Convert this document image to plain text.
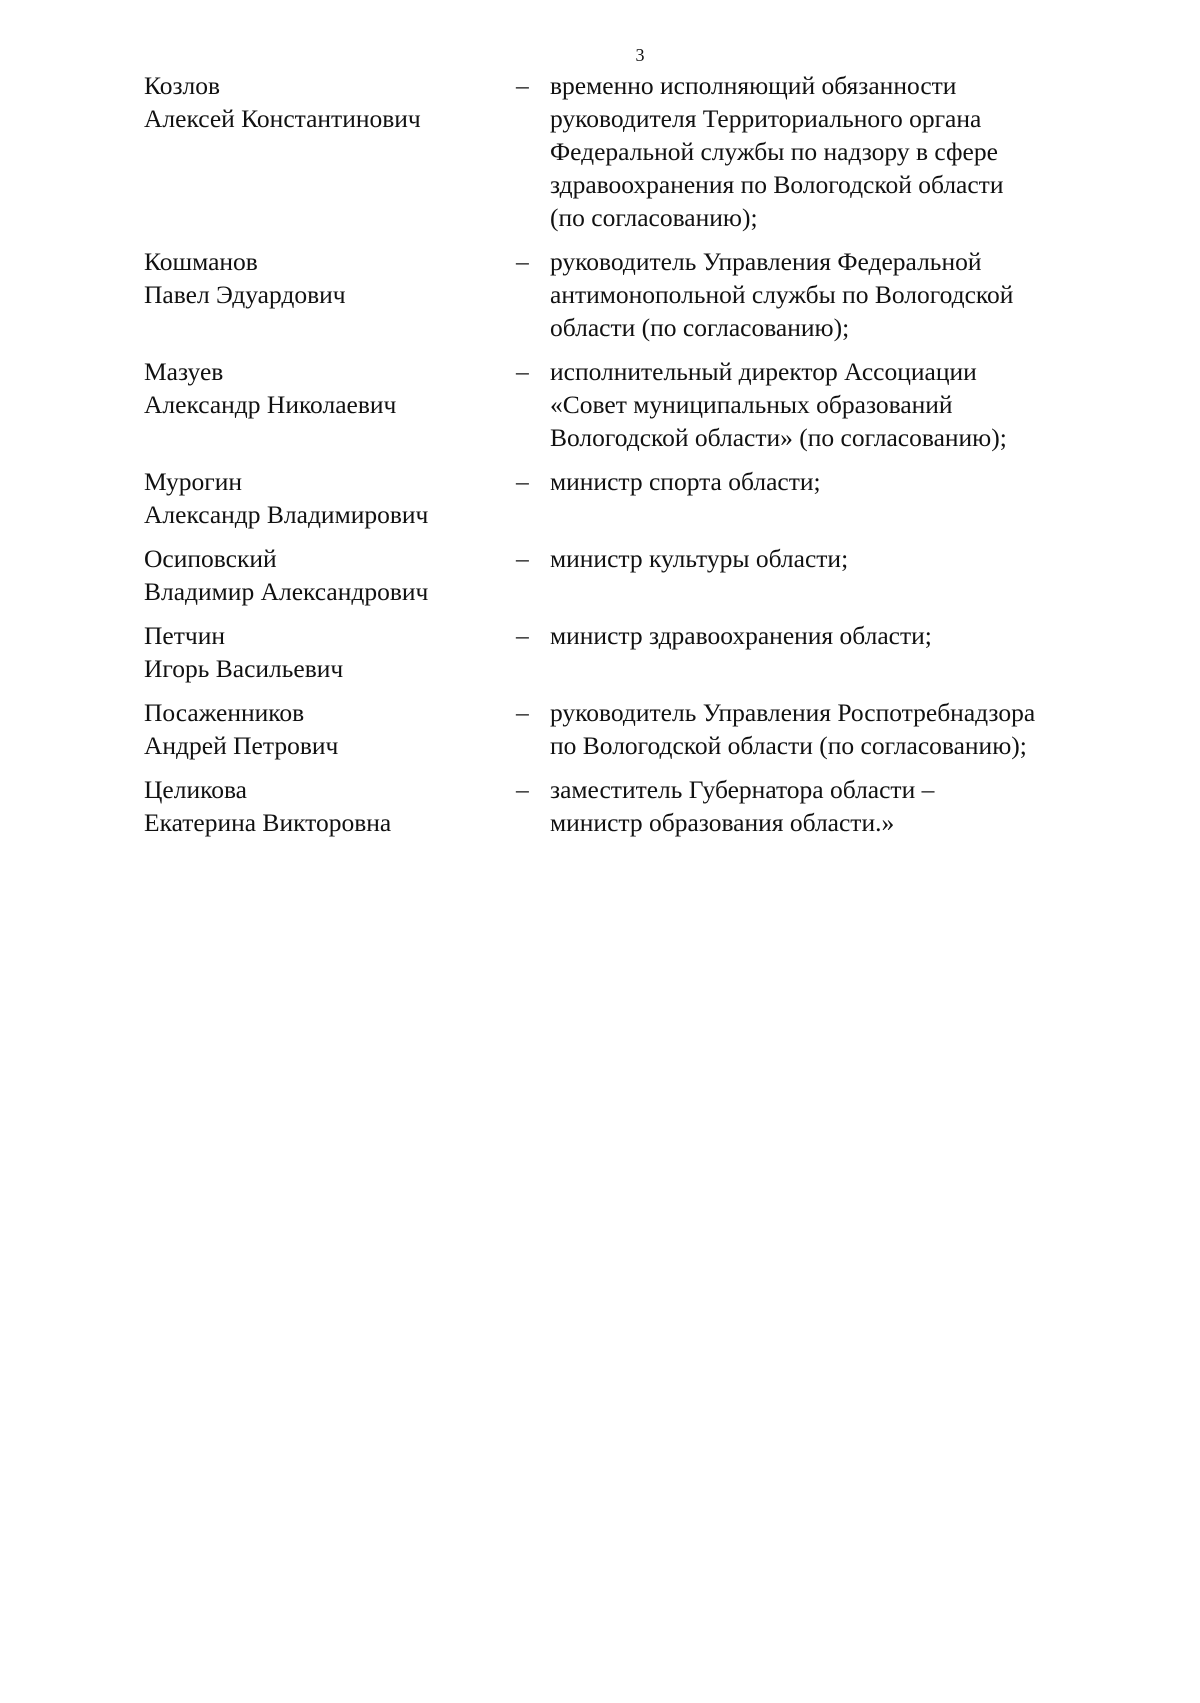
3
Козлов
Алексей Константинович
– временно исполняющий обязанности
руководителя Территориального органа
Федеральной службы по надзору в сфере
здравоохранения по Вологодской области
(по согласованию);
Кошманов
Павел Эдуардович
– руководитель Управления Федеральной
антимонопольной службы по Вологодской
области (по согласованию);
Мазуев
Александр Николаевич
– исполнительный директор Ассоциации
«Совет муниципальных образований
Вологодской области» (по согласованию);
Мурогин
Александр Владимирович
– министр спорта области;
Осиповский
Владимир Александрович
– министр культуры области;
Петчин
Игорь Васильевич
– министр здравоохранения области;
Посаженников
Андрей Петрович
– руководитель Управления Роспотребнадзора
по Вологодской области (по согласованию);
Целикова
Екатерина Викторовна
– заместитель Губернатора области –
министр образования области.»
